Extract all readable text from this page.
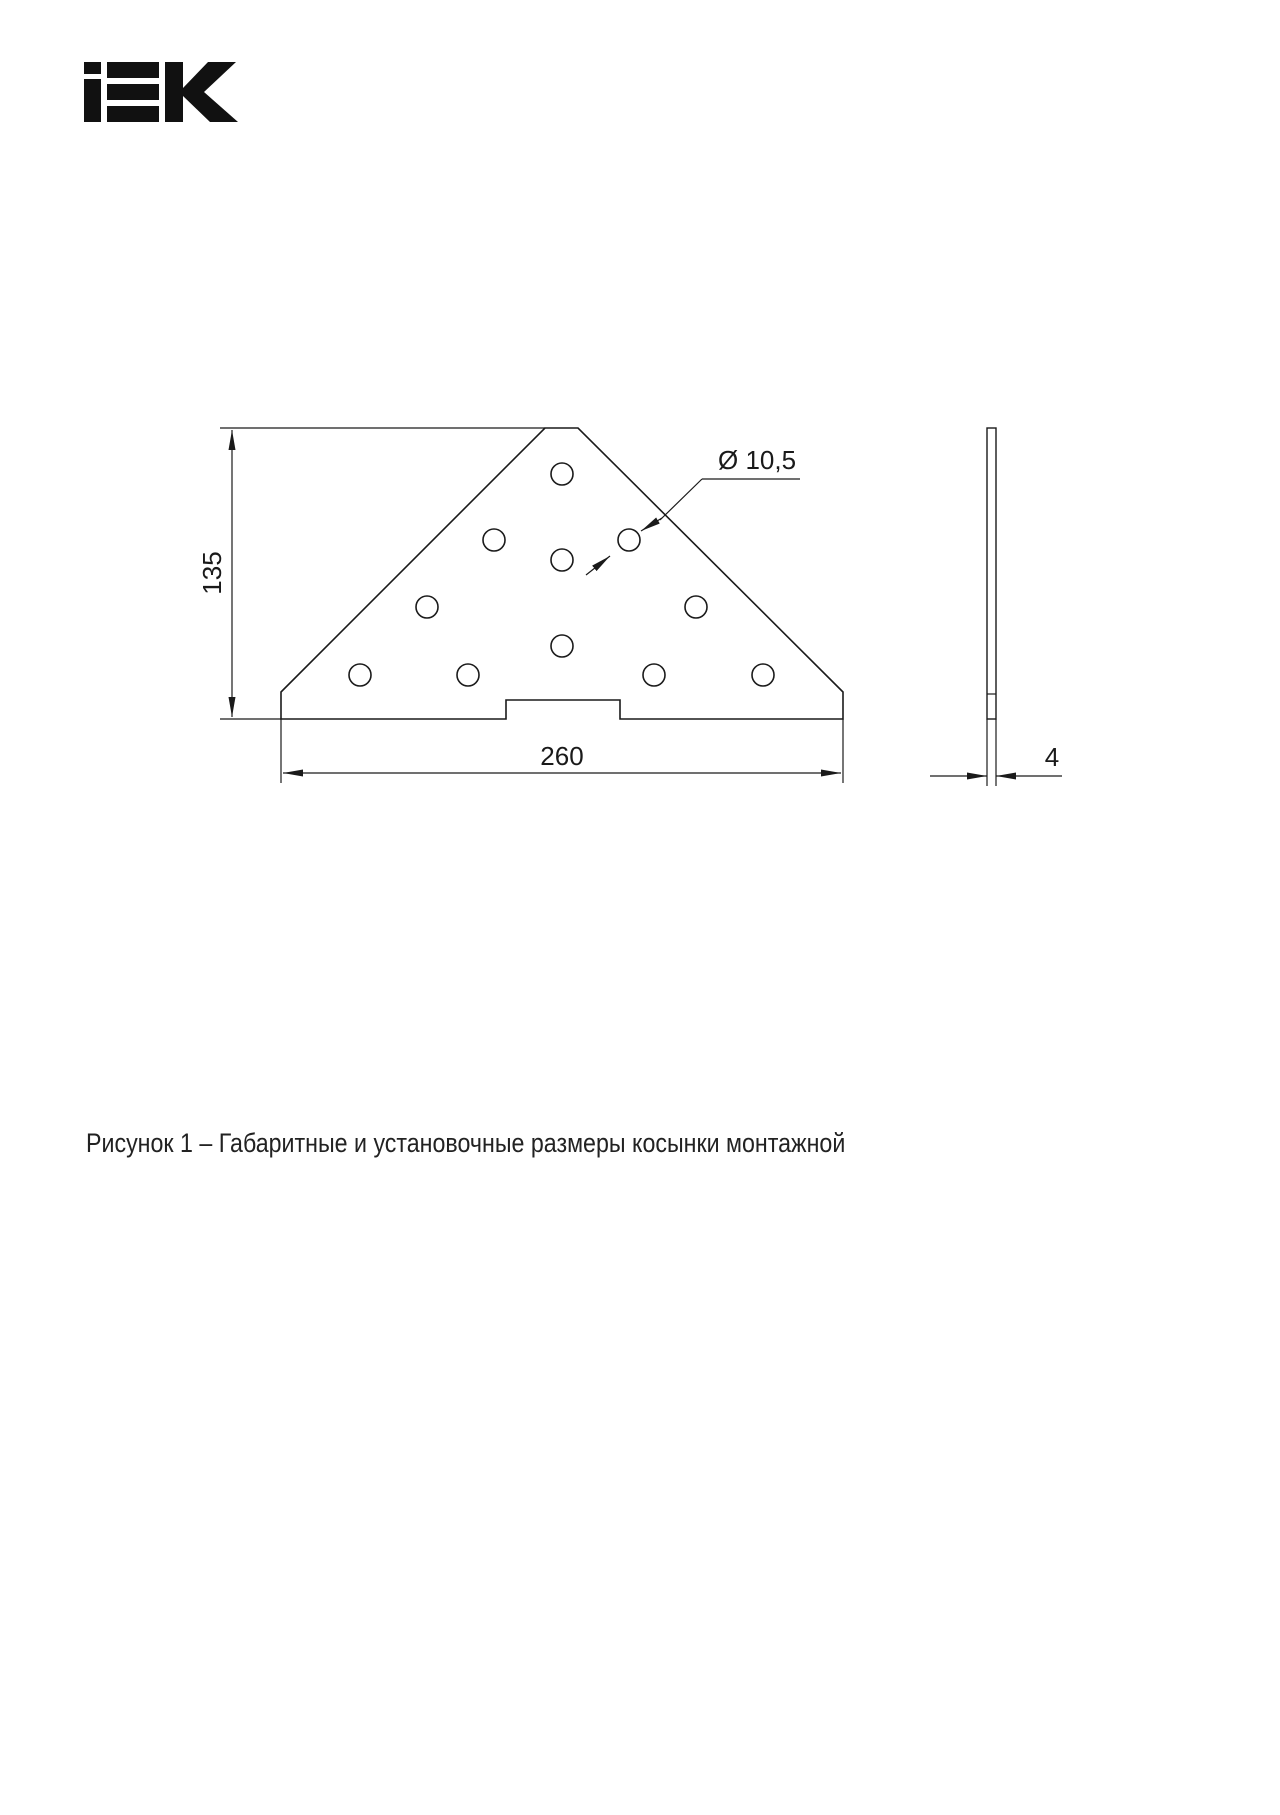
135
260
Ø 10,5
4
Рисунок 1 – Габаритные и установочные размеры косынки монтажной
